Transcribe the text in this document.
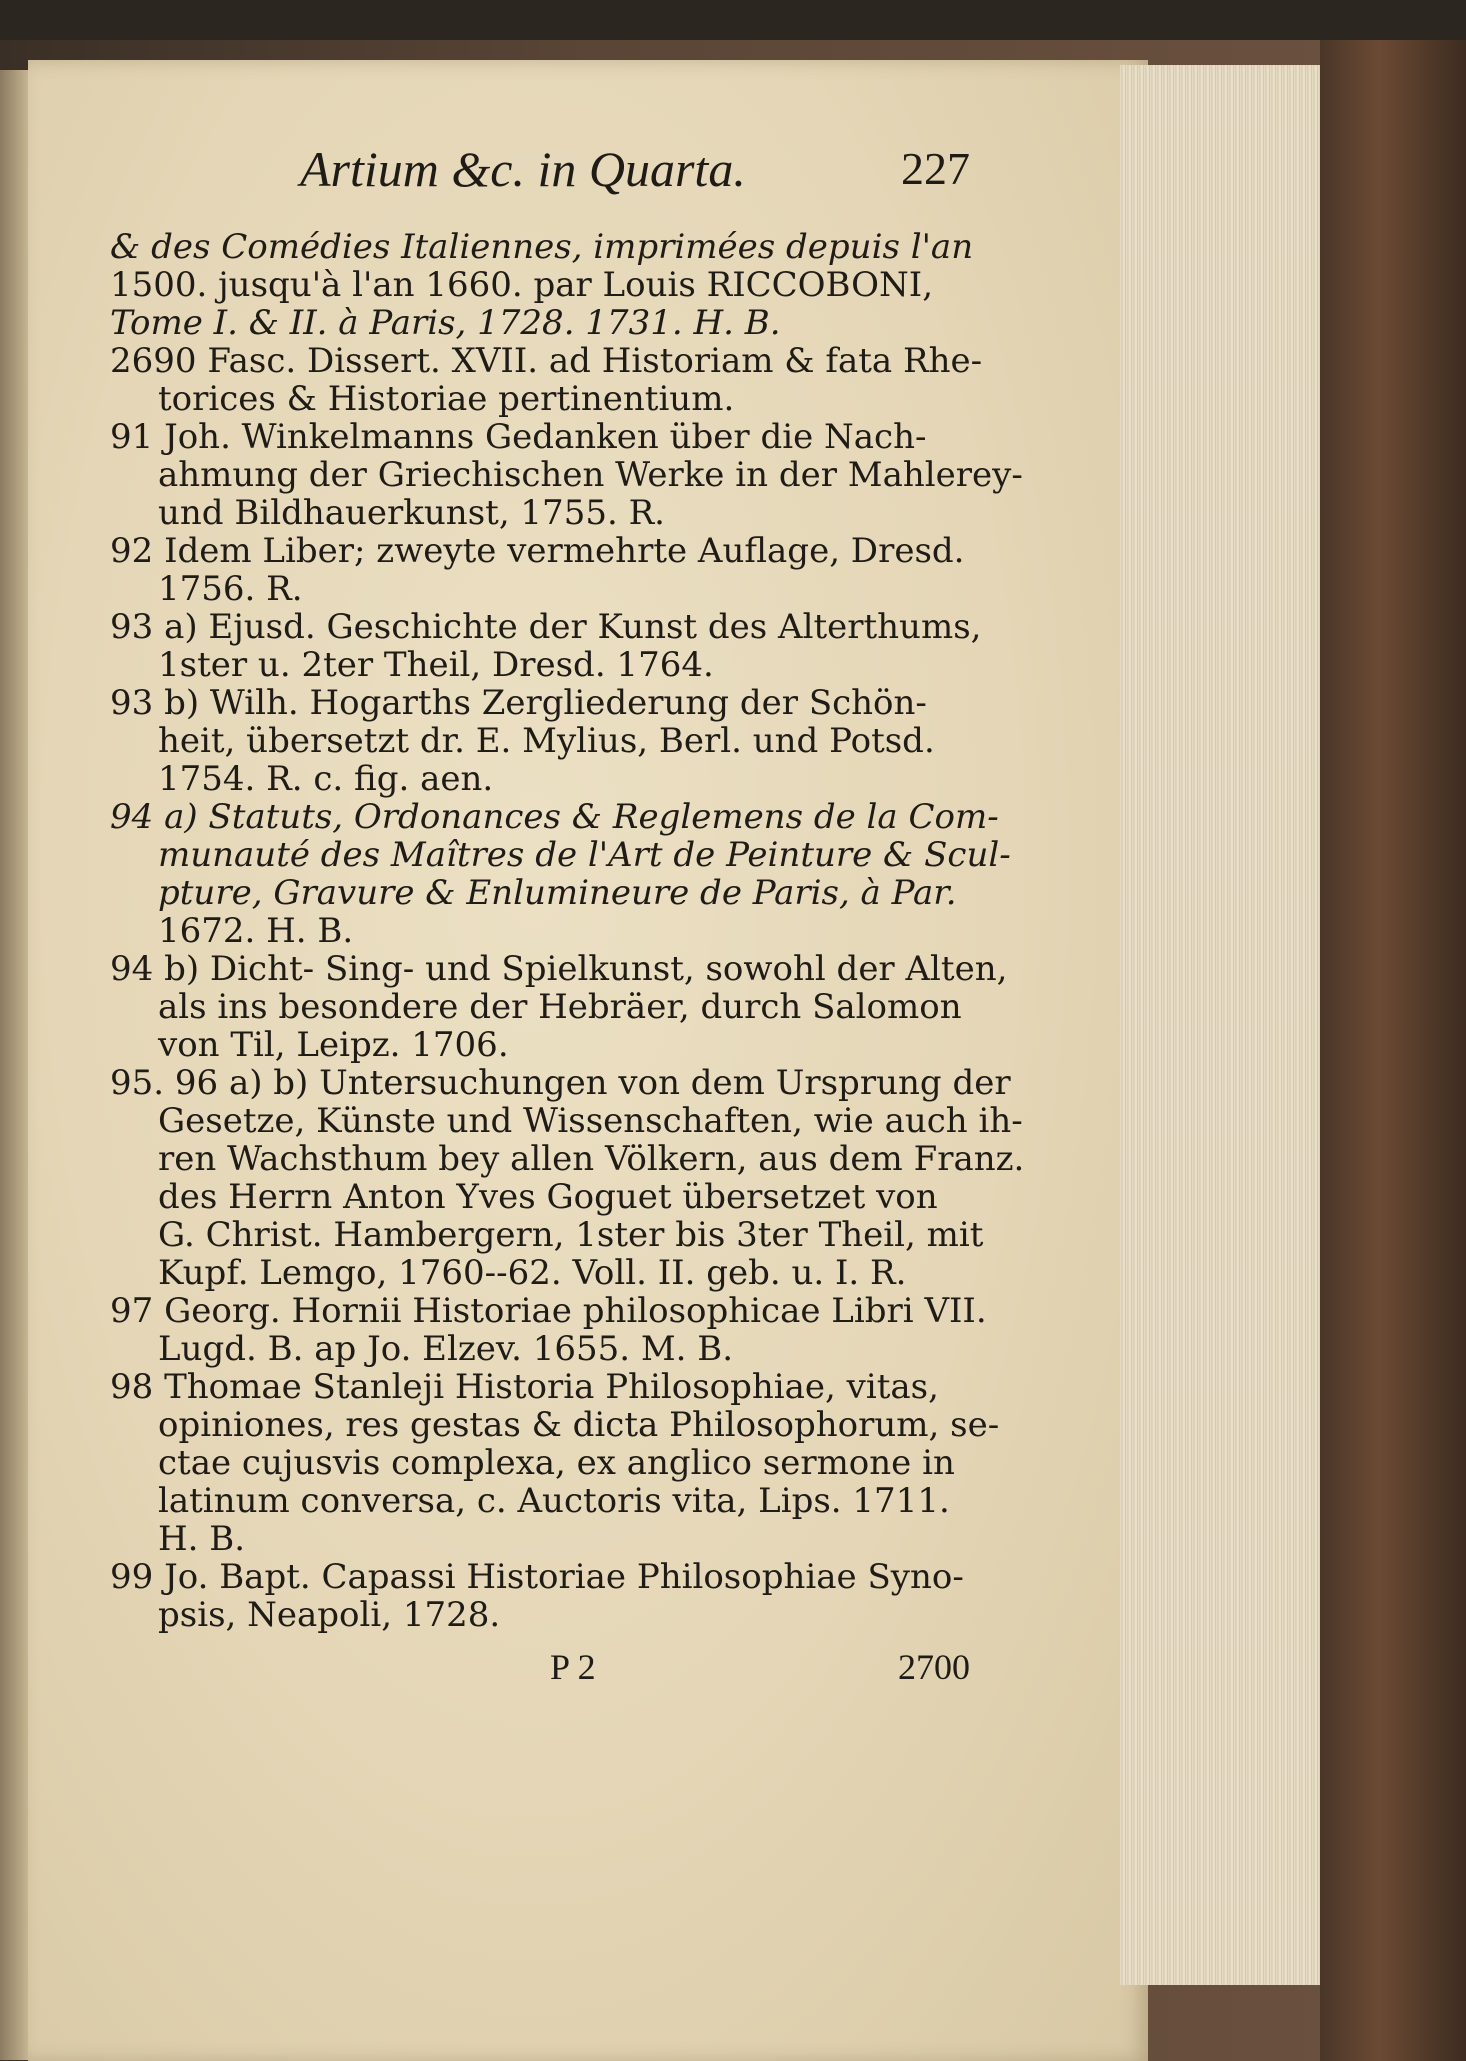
Artium &c. in Quarta.	227
& des Comédies Italiennes, imprimées depuis l'an
1500. jusqu'à l'an 1660. par Louis RICCOBONI,
Tome I. & II. à Paris, 1728. 1731. H. B.
2690 Fasc. Dissert. XVII. ad Historiam & fata Rhe-
torices & Historiae pertinentium.
91 Joh. Winkelmanns Gedanken über die Nach-
ahmung der Griechischen Werke in der Mahlerey-
und Bildhauerkunst, 1755. R.
92 Idem Liber; zweyte vermehrte Auflage, Dresd.
1756. R.
93 a) Ejusd. Geschichte der Kunst des Alterthums,
1ster u. 2ter Theil, Dresd. 1764.
93 b) Wilh. Hogarths Zergliederung der Schön-
heit, übersetzt dr. E. Mylius, Berl. und Potsd.
1754. R. c. fig. aen.
94 a) Statuts, Ordonances & Reglemens de la Com-
munauté des Maîtres de l'Art de Peinture & Scul-
pture, Gravure & Enlumineure de Paris, à Par.
1672. H. B.
94 b) Dicht- Sing- und Spielkunst, sowohl der Alten,
als ins besondere der Hebräer, durch Salomon
von Til, Leipz. 1706.
95. 96 a) b) Untersuchungen von dem Ursprung der
Gesetze, Künste und Wissenschaften, wie auch ih-
ren Wachsthum bey allen Völkern, aus dem Franz.
des Herrn Anton Yves Goguet übersetzet von
G. Christ. Hambergern, 1ster bis 3ter Theil, mit
Kupf. Lemgo, 1760--62. Voll. II. geb. u. I. R.
97 Georg. Hornii Historiae philosophicae Libri VII.
Lugd. B. ap Jo. Elzev. 1655. M. B.
98 Thomae Stanleji Historia Philosophiae, vitas,
opiniones, res gestas & dicta Philosophorum, se-
ctae cujusvis complexa, ex anglico sermone in
latinum conversa, c. Auctoris vita, Lips. 1711.
H. B.
99 Jo. Bapt. Capassi Historiae Philosophiae Syno-
psis, Neapoli, 1728.
P 2	2700
